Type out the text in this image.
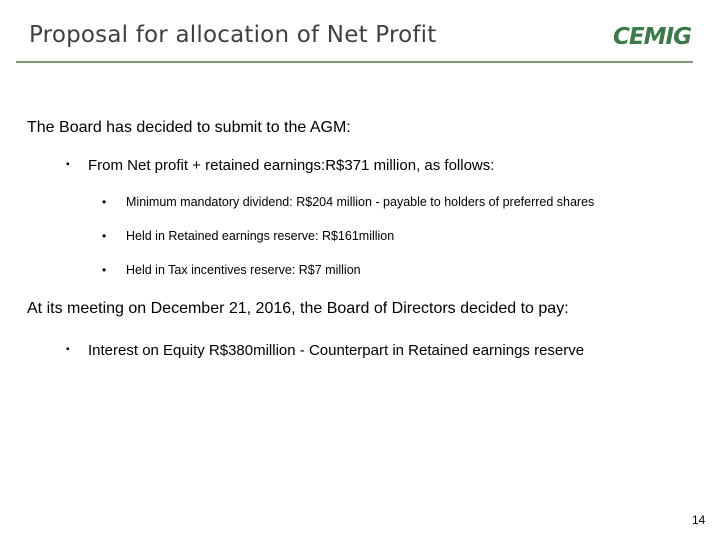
Proposal for allocation of Net Profit	CEMIG
The Board has decided to submit to the AGM:
▪ From Net profit + retained earnings:R$371 million, as follows:
• Minimum mandatory dividend: R$204 million - payable to holders of preferred shares
• Held in Retained earnings reserve: R$161million
• Held in Tax incentives reserve: R$7 million
At its meeting on December 21, 2016, the Board of Directors decided to pay:
▪ Interest on Equity R$380million - Counterpart in Retained earnings reserve
14
